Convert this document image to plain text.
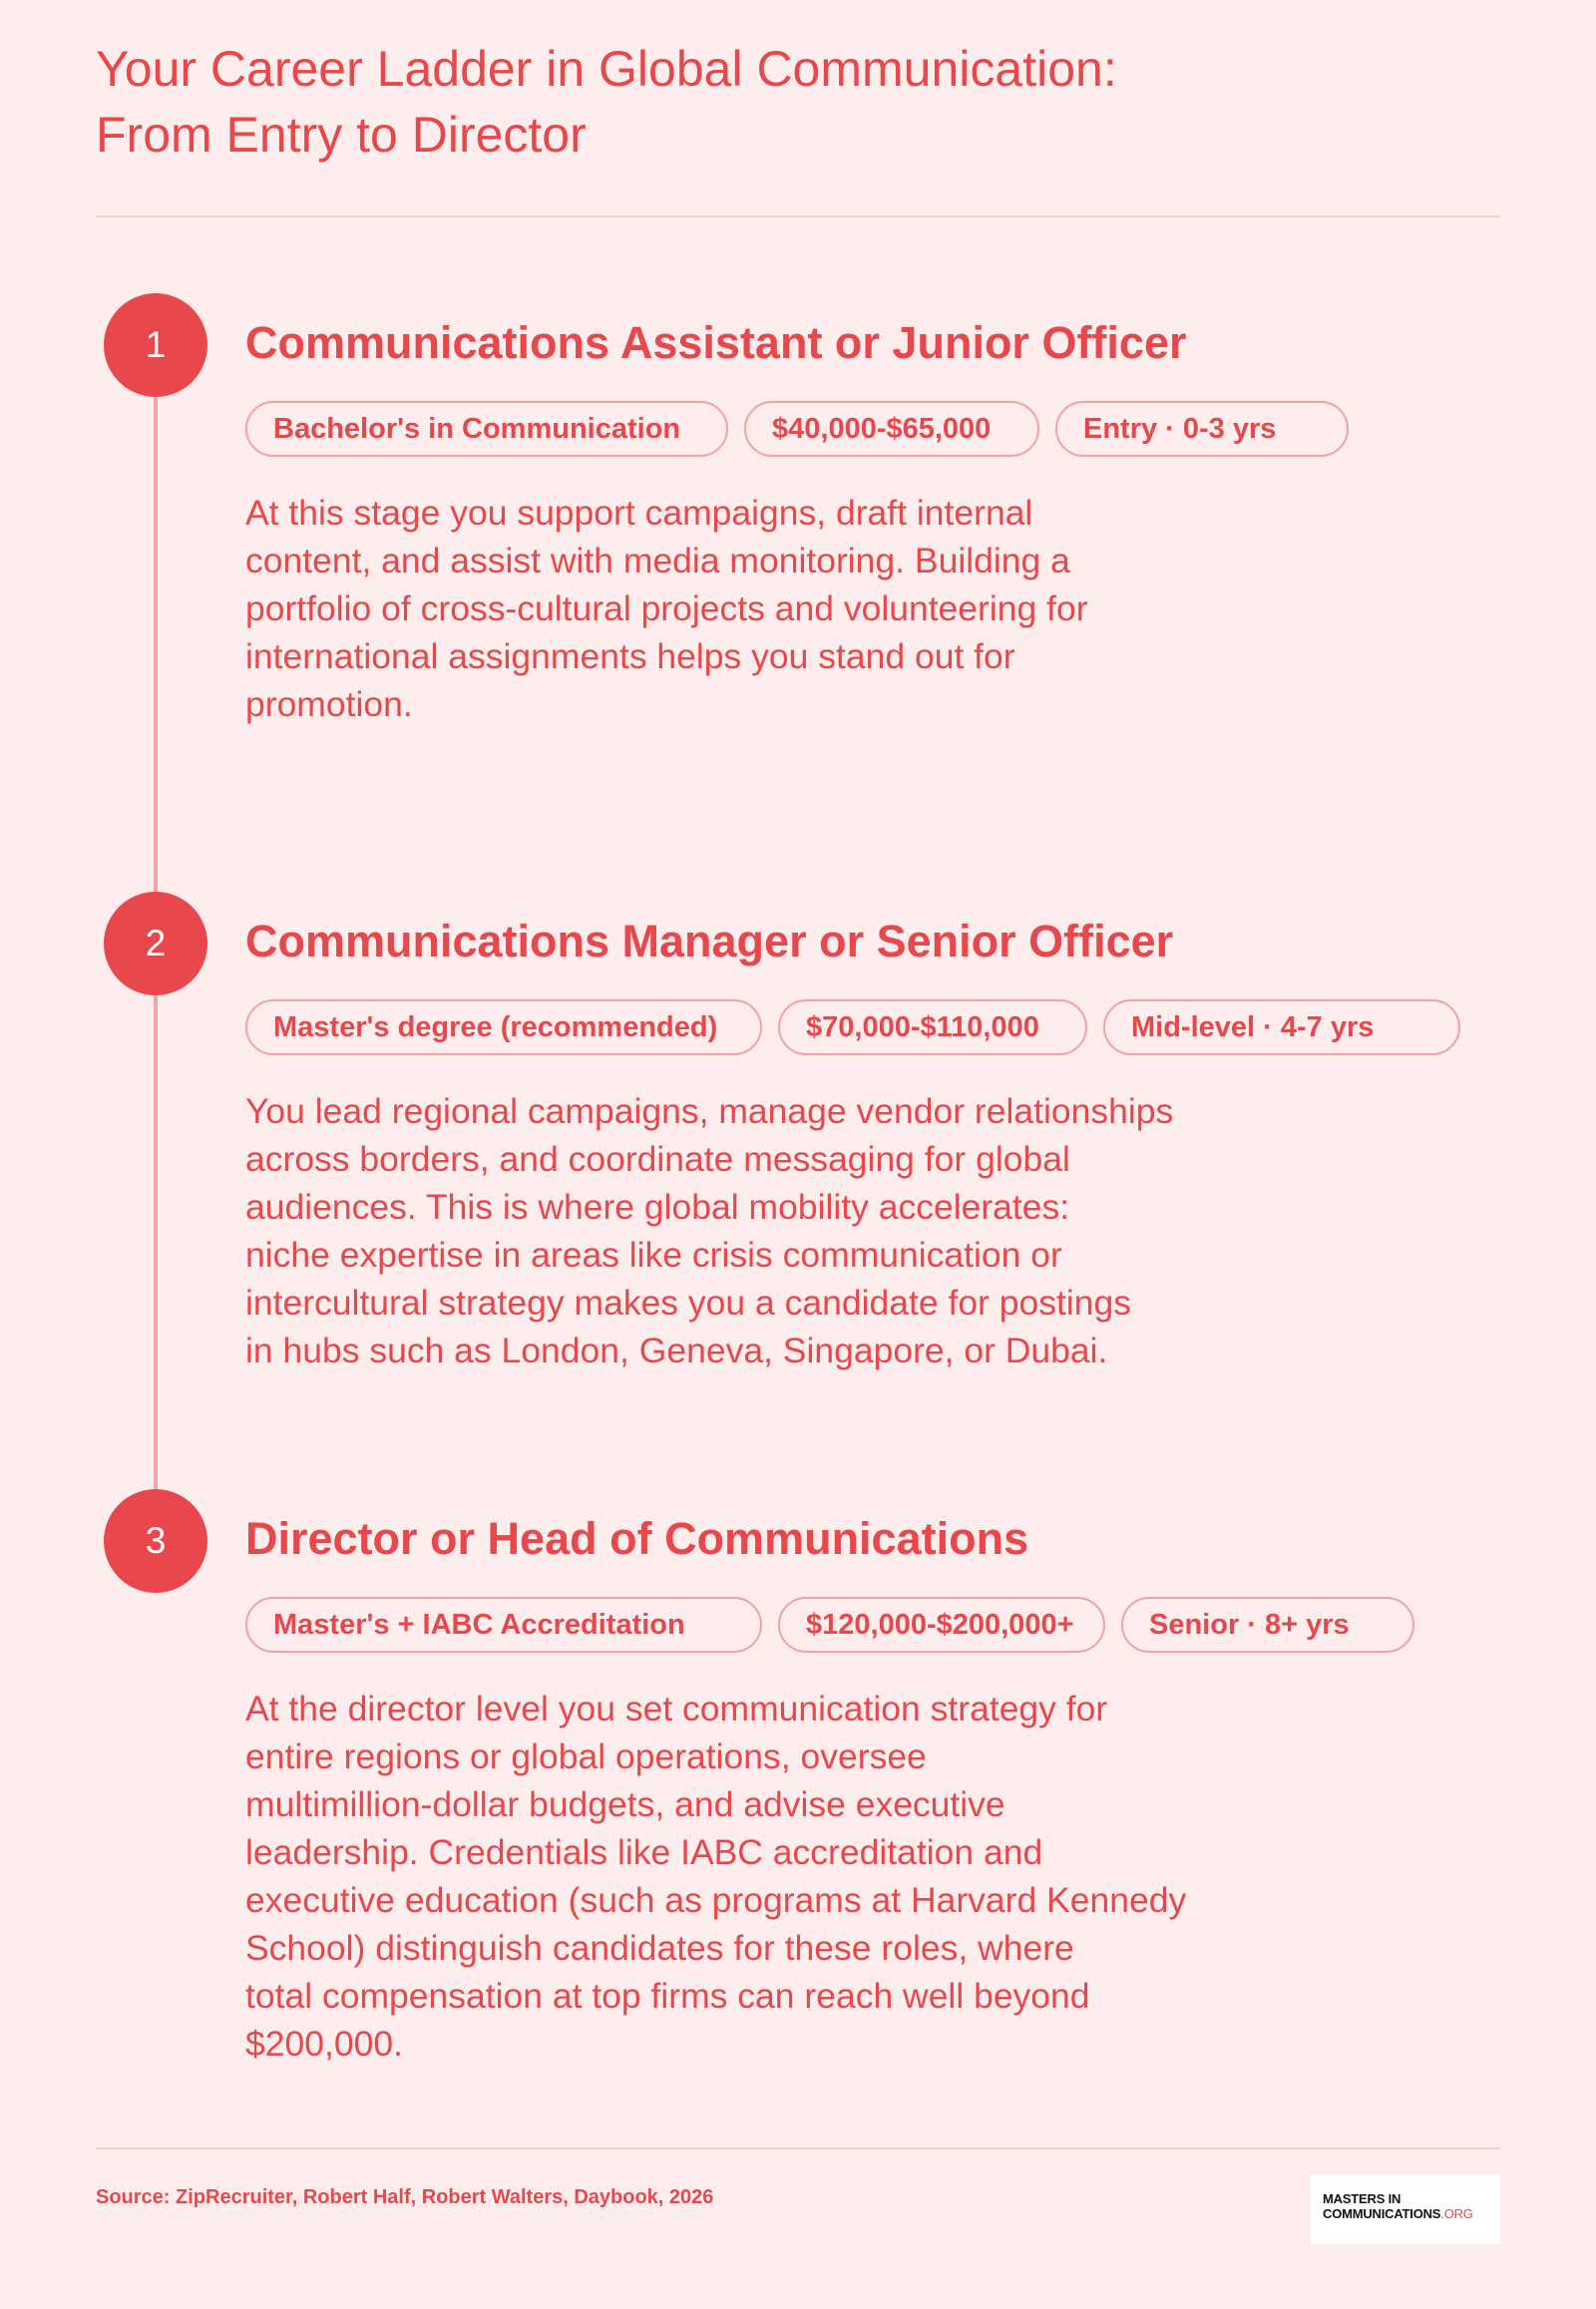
Your Career Ladder in Global Communication:
From Entry to Director
1	Communications Assistant or Junior Officer
Bachelor's in Communication	$40,000-$65,000	Entry · 0-3 yrs

At this stage you support campaigns, draft internal
content, and assist with media monitoring. Building a
portfolio of cross-cultural projects and volunteering for
international assignments helps you stand out for
promotion.

2	Communications Manager or Senior Officer
Master's degree (recommended)	$70,000-$110,000	Mid-level · 4-7 yrs

You lead regional campaigns, manage vendor relationships
across borders, and coordinate messaging for global
audiences. This is where global mobility accelerates:
niche expertise in areas like crisis communication or
intercultural strategy makes you a candidate for postings
in hubs such as London, Geneva, Singapore, or Dubai.

3	Director or Head of Communications
Master's + IABC Accreditation	$120,000-$200,000+	Senior · 8+ yrs

At the director level you set communication strategy for
entire regions or global operations, oversee
multimillion-dollar budgets, and advise executive
leadership. Credentials like IABC accreditation and
executive education (such as programs at Harvard Kennedy
School) distinguish candidates for these roles, where
total compensation at top firms can reach well beyond
$200,000.

Source: ZipRecruiter, Robert Half, Robert Walters, Daybook, 2026	MASTERS IN
COMMUNICATIONS.ORG
